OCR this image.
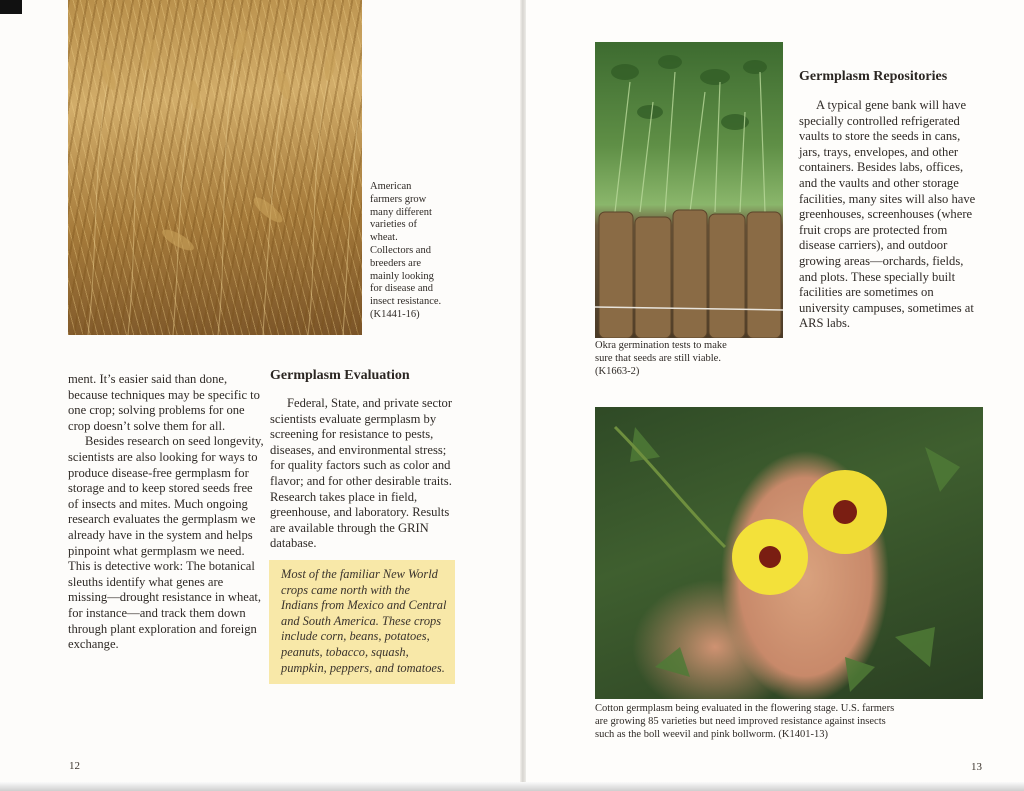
American
farmers grow
many different
varieties of
wheat.
Collectors and
breeders are
mainly looking
for disease and
insect resistance.
(K1441-16)

ment. It’s easier said than done, because techniques may be specific to one crop; solving problems for one crop doesn’t solve them for all.

Besides research on seed longevity, scientists are also looking for ways to produce disease-free germplasm for storage and to keep stored seeds free of insects and mites. Much ongoing research evaluates the germplasm we already have in the system and helps pinpoint what germplasm we need. This is detective work: The botanical sleuths identify what genes are missing—drought resistance in wheat, for instance—and track them down through plant exploration and foreign exchange.

Germplasm Evaluation

Federal, State, and private sector scientists evaluate germplasm by screening for resistance to pests, diseases, and environmental stress; for quality factors such as color and flavor; and for other desirable traits. Research takes place in field, greenhouse, and laboratory. Results are available through the GRIN database.

Most of the familiar New World crops came north with the Indians from Mexico and Central and South America. These crops include corn, beans, potatoes, peanuts, tobacco, squash, pumpkin, peppers, and tomatoes.

12
Okra germination tests to make
sure that seeds are still viable.
(K1663-2)
Germplasm Repositories

A typical gene bank will have specially controlled refrigerated vaults to store the seeds in cans, jars, trays, envelopes, and other containers. Besides labs, offices, and the vaults and other storage facilities, many sites will also have greenhouses, screenhouses (where fruit crops are protected from disease carriers), and outdoor growing areas—orchards, fields, and plots. These specially built facilities are sometimes on university campuses, sometimes at ARS labs.

Cotton germplasm being evaluated in the flowering stage. U.S. farmers
are growing 85 varieties but need improved resistance against insects
such as the boll weevil and pink bollworm. (K1401-13)
13
